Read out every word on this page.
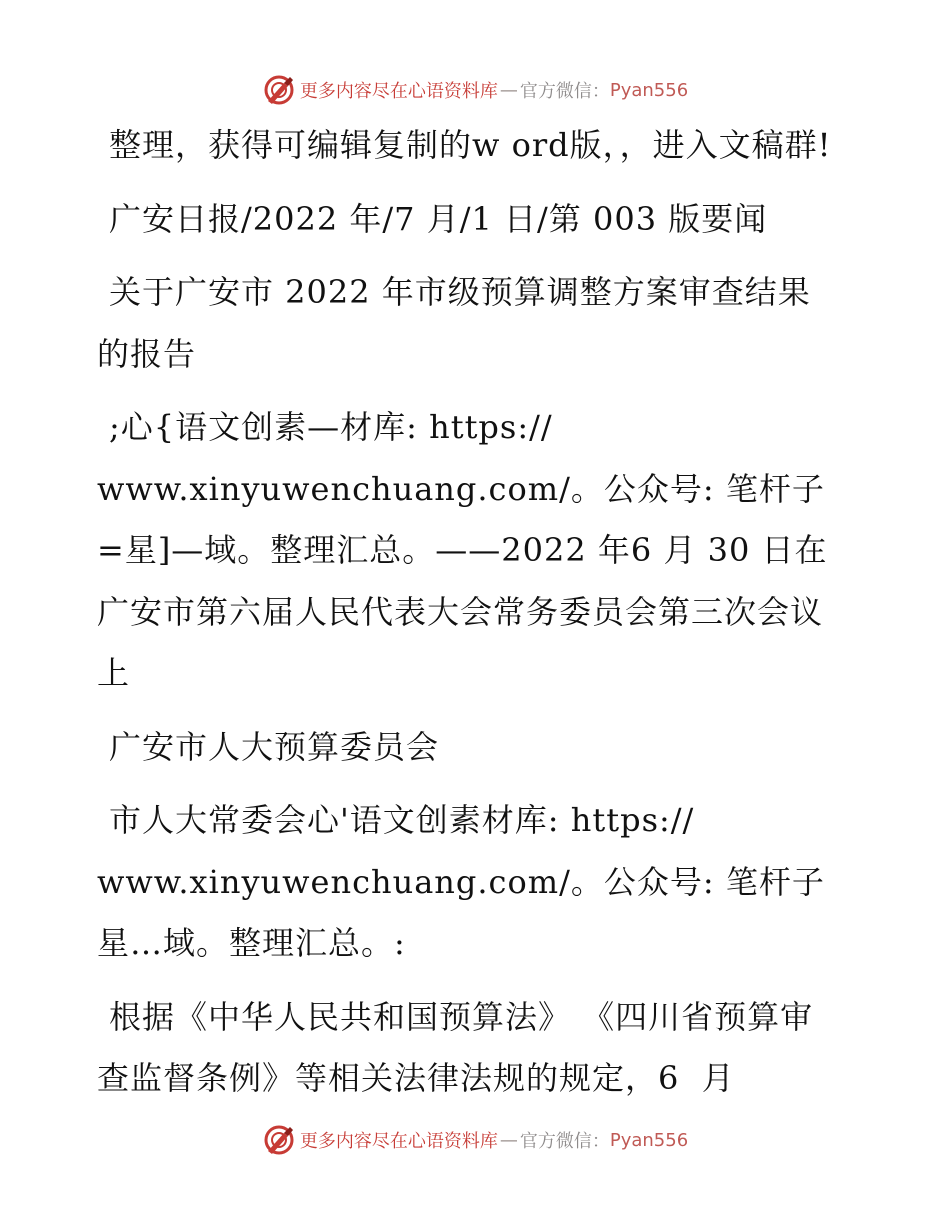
更多内容尽在心语资料库 — 官方微信： Pyan556

整理，获得可编辑复制的w ord版，，进入文稿群!

广安日报/2022 年/7 月/1 日/第 003 版要闻

关于广安市 2022 年市级预算调整方案审查结果的报告

;心{语文创素—材库: https://
www.xinyuwenchuang.com/。公众号: 笔杆子=星]—域。整理汇总。——2022 年6 月 30 日在广安市第六届人民代表大会常务委员会第三次会议上

广安市人大预算委员会

市人大常委会心'语文创素材库: https://
www.xinyuwenchuang.com/。公众号: 笔杆子星…域。整理汇总。:

根据《中华人民共和国预算法》 《四川省预算审查监督条例》等相关法律法规的规定，6  月

更多内容尽在心语资料库 — 官方微信： Pyan556
